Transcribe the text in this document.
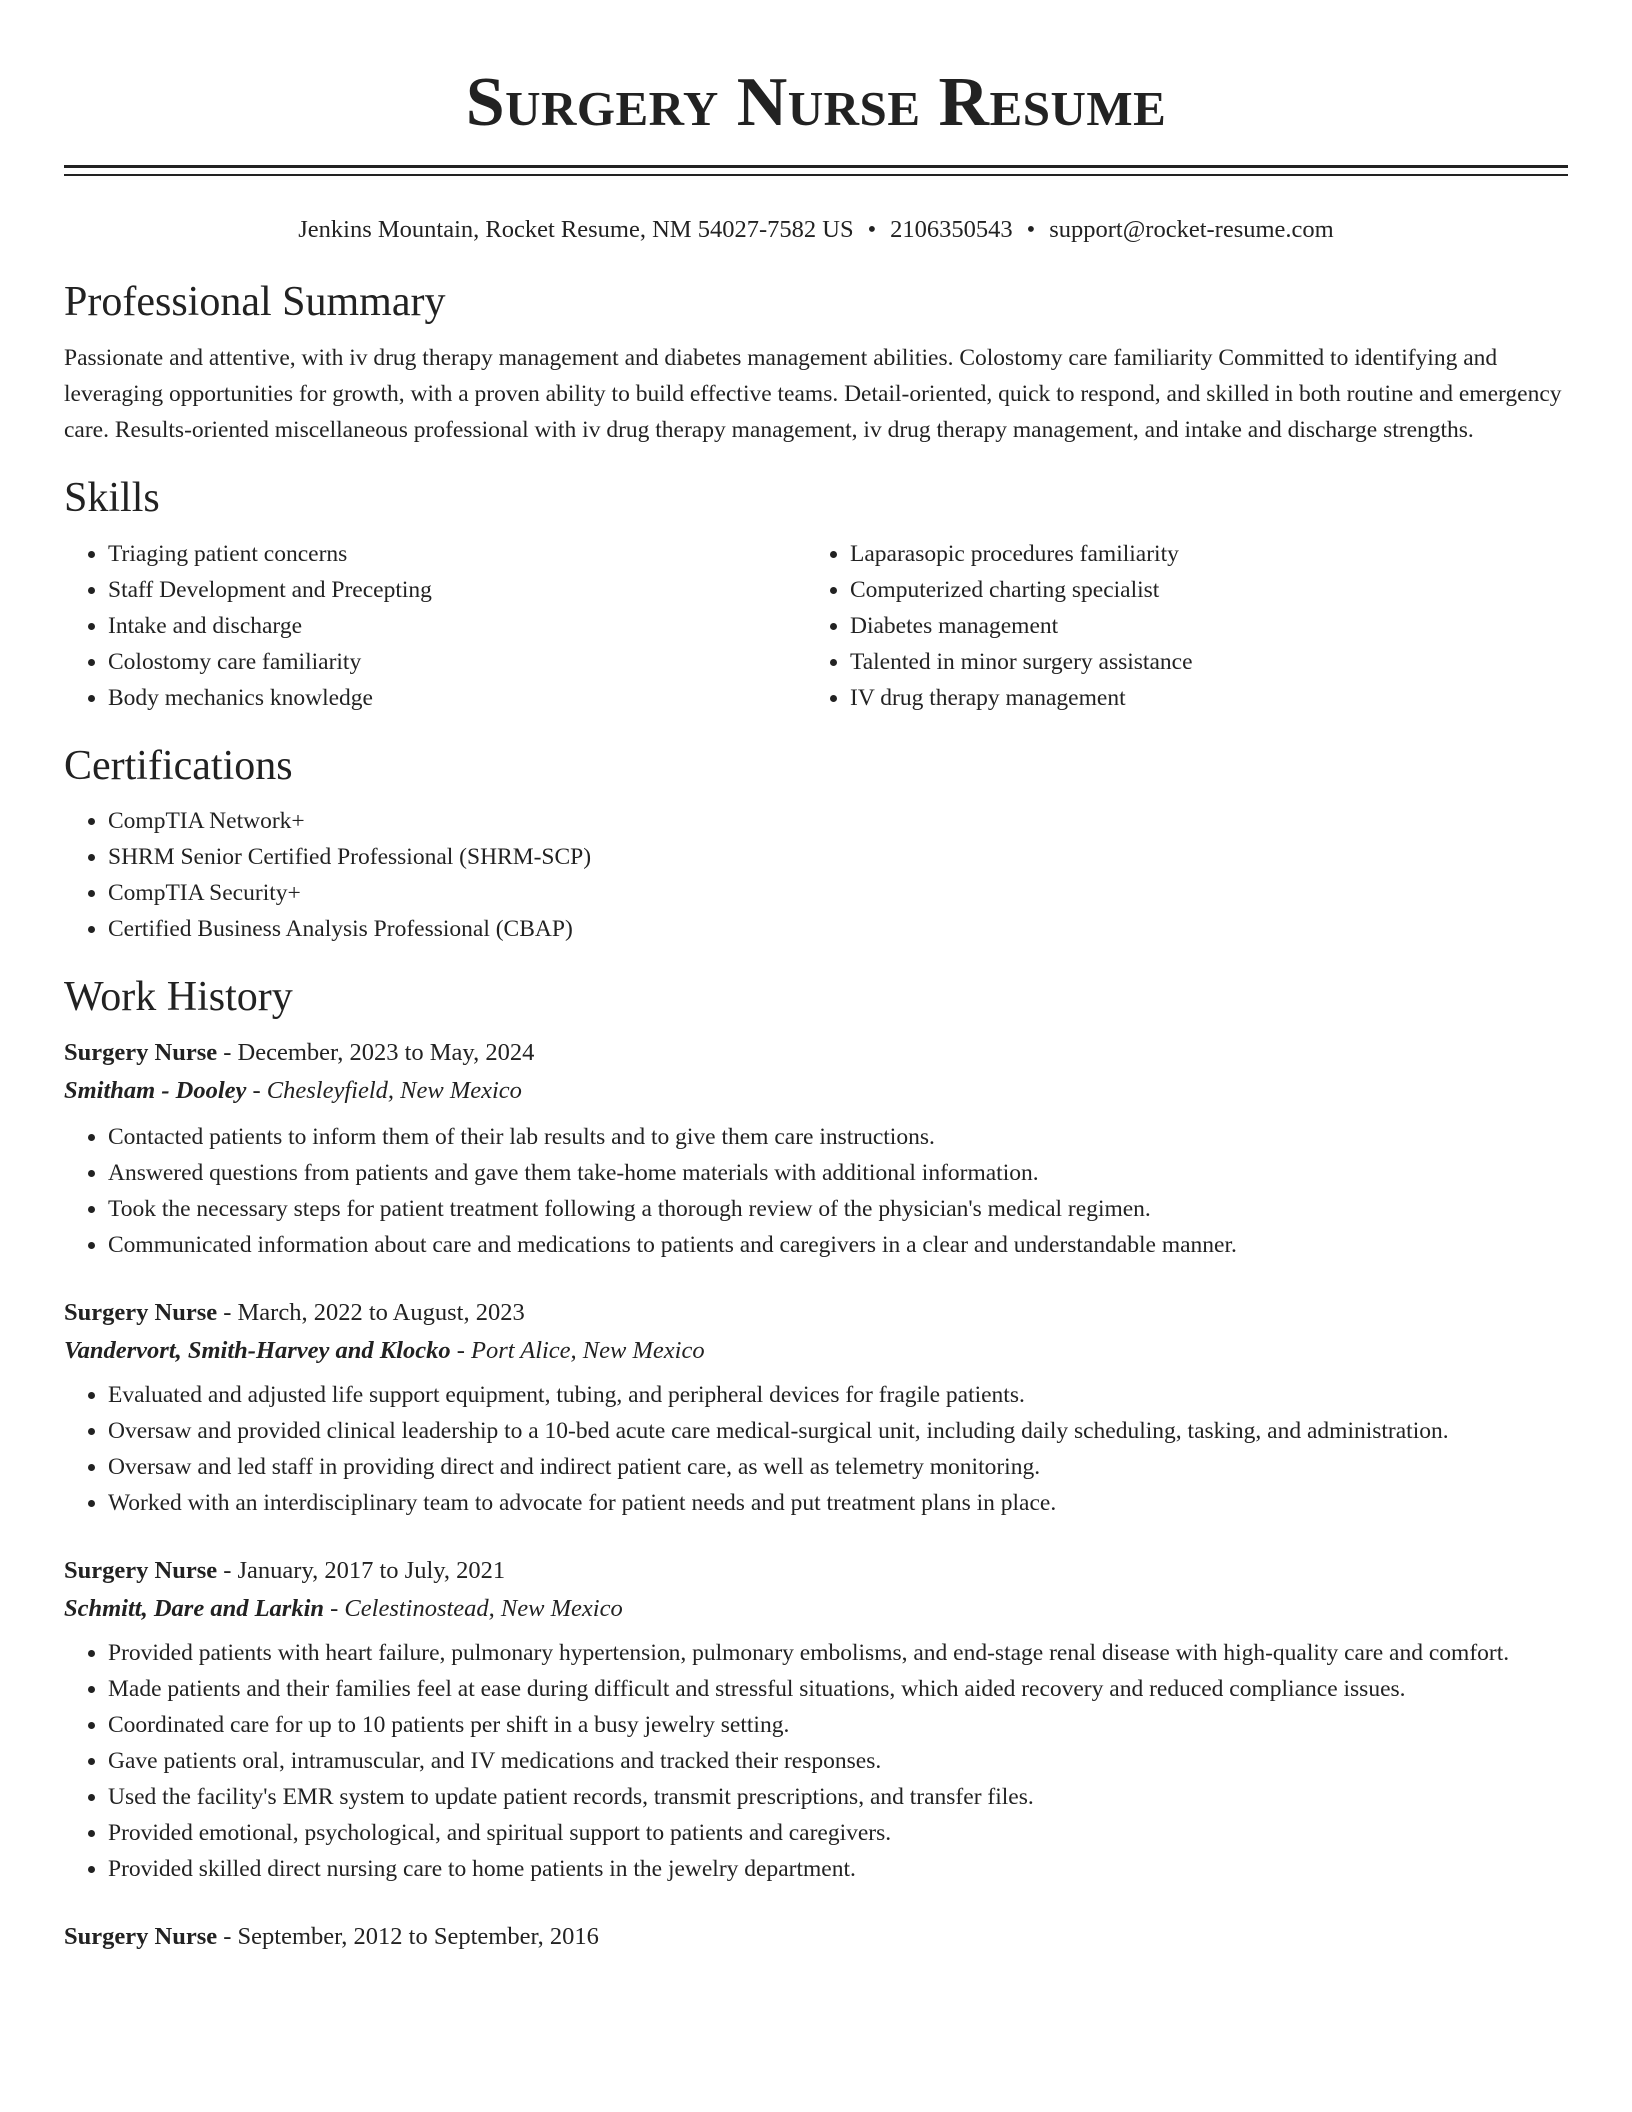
Surgery Nurse Resume
Jenkins Mountain, Rocket Resume, NM 54027-7582 US • 2106350543 • support@rocket-resume.com
Professional Summary

Passionate and attentive, with iv drug therapy management and diabetes management abilities. Colostomy care familiarity Committed to identifying and leveraging opportunities for growth, with a proven ability to build effective teams. Detail-oriented, quick to respond, and skilled in both routine and emergency care. Results-oriented miscellaneous professional with iv drug therapy management, iv drug therapy management, and intake and discharge strengths.

Skills
• Triaging patient concerns
• Staff Development and Precepting
• Intake and discharge
• Colostomy care familiarity
• Body mechanics knowledge
• Laparasopic procedures familiarity
• Computerized charting specialist
• Diabetes management
• Talented in minor surgery assistance
• IV drug therapy management
Certifications
• CompTIA Network+
• SHRM Senior Certified Professional (SHRM-SCP)
• CompTIA Security+
• Certified Business Analysis Professional (CBAP)
Work History
Surgery Nurse - December, 2023 to May, 2024
Smitham - Dooley - Chesleyfield, New Mexico
• Contacted patients to inform them of their lab results and to give them care instructions.
• Answered questions from patients and gave them take-home materials with additional information.
• Took the necessary steps for patient treatment following a thorough review of the physician's medical regimen.
• Communicated information about care and medications to patients and caregivers in a clear and understandable manner.
Surgery Nurse - March, 2022 to August, 2023
Vandervort, Smith-Harvey and Klocko - Port Alice, New Mexico
• Evaluated and adjusted life support equipment, tubing, and peripheral devices for fragile patients.
• Oversaw and provided clinical leadership to a 10-bed acute care medical-surgical unit, including daily scheduling, tasking, and administration.
• Oversaw and led staff in providing direct and indirect patient care, as well as telemetry monitoring.
• Worked with an interdisciplinary team to advocate for patient needs and put treatment plans in place.
Surgery Nurse - January, 2017 to July, 2021
Schmitt, Dare and Larkin - Celestinostead, New Mexico
• Provided patients with heart failure, pulmonary hypertension, pulmonary embolisms, and end-stage renal disease with high-quality care and comfort.
• Made patients and their families feel at ease during difficult and stressful situations, which aided recovery and reduced compliance issues.
• Coordinated care for up to 10 patients per shift in a busy jewelry setting.
• Gave patients oral, intramuscular, and IV medications and tracked their responses.
• Used the facility's EMR system to update patient records, transmit prescriptions, and transfer files.
• Provided emotional, psychological, and spiritual support to patients and caregivers.
• Provided skilled direct nursing care to home patients in the jewelry department.
Surgery Nurse - September, 2012 to September, 2016
